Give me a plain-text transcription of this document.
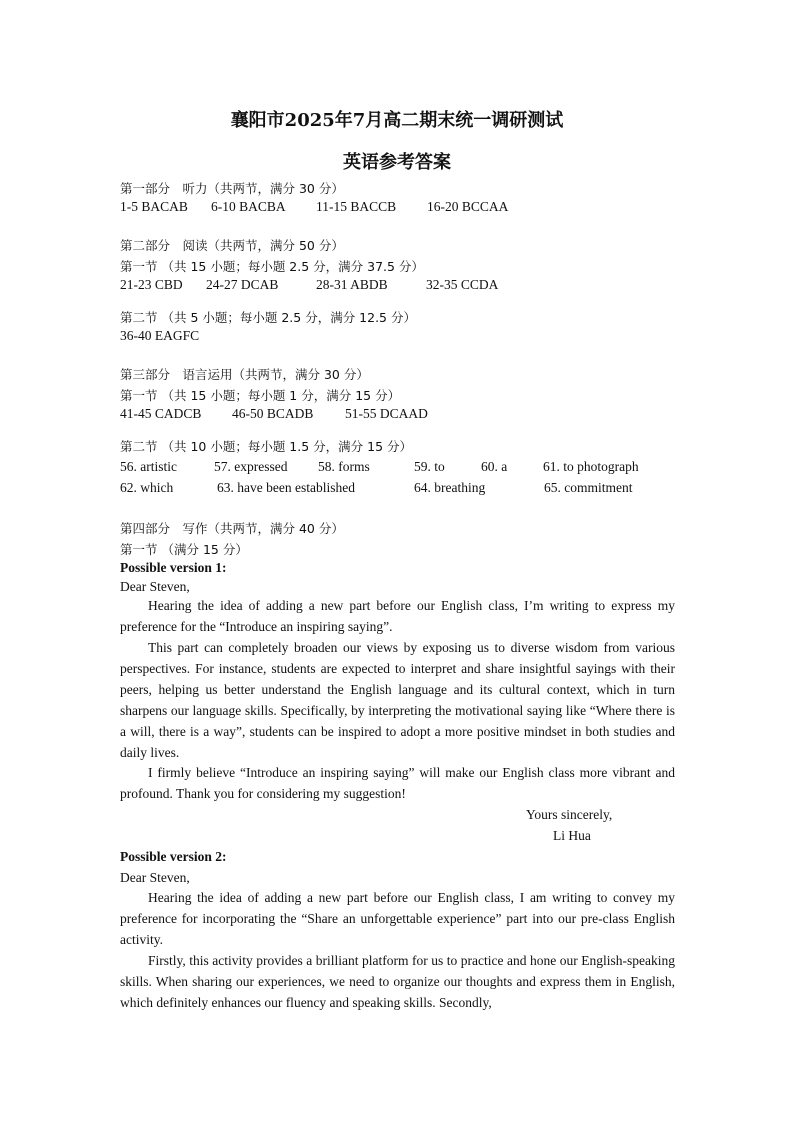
襄阳市2025年7月高二期末统一调研测试
英语参考答案
第一部分　听力（共两节，满分 30 分）
1-5 BACAB 6-10 BACBA 11-15 BACCB 16-20 BCCAA
第二部分　阅读（共两节，满分 50 分）
第一节 （共 15 小题；每小题 2.5 分，满分 37.5 分）
21-23 CBD 24-27 DCAB	28-31 ABDB	32-35 CCDA
第二节 （共 5 小题；每小题 2.5 分，满分 12.5 分）
36-40 EAGFC
第三部分　语言运用（共两节，满分 30 分）
第一节 （共 15 小题；每小题 1 分，满分 15 分）
41-45 CADCB 46-50 BCADB 51-55 DCAAD
第二节 （共 10 小题；每小题 1.5 分，满分 15 分）
56. artistic	57. expressed 58. forms	59. to	60. a	61. to photograph
62. which	63. have been established	64. breathing	65. commitment
第四部分　写作（共两节，满分 40 分）
第一节 （满分 15 分）
Possible version 1:
Dear Steven,

Hearing the idea of adding a new part before our English class, I’m writing to express my preference for the “Introduce an inspiring saying”.

This part can completely broaden our views by exposing us to diverse wisdom from various perspectives. For instance, students are expected to interpret and share insightful sayings with their peers, helping us better understand the English language and its cultural context, which in turn sharpens our language skills. Specifically, by interpreting the motivational saying like “Where there is a will, there is a way”, students can be inspired to adopt a more positive mindset in both studies and daily lives.

I firmly believe “Introduce an inspiring saying” will make our English class more vibrant and profound. Thank you for considering my suggestion!

Yours sincerely,
Li Hua
Possible version 2:
Dear Steven,

Hearing the idea of adding a new part before our English class, I am writing to convey my preference for incorporating the “Share an unforgettable experience” part into our pre-class English activity.

Firstly, this activity provides a brilliant platform for us to practice and hone our English-speaking skills. When sharing our experiences, we need to organize our thoughts and express them in English, which definitely enhances our fluency and speaking skills. Secondly,
